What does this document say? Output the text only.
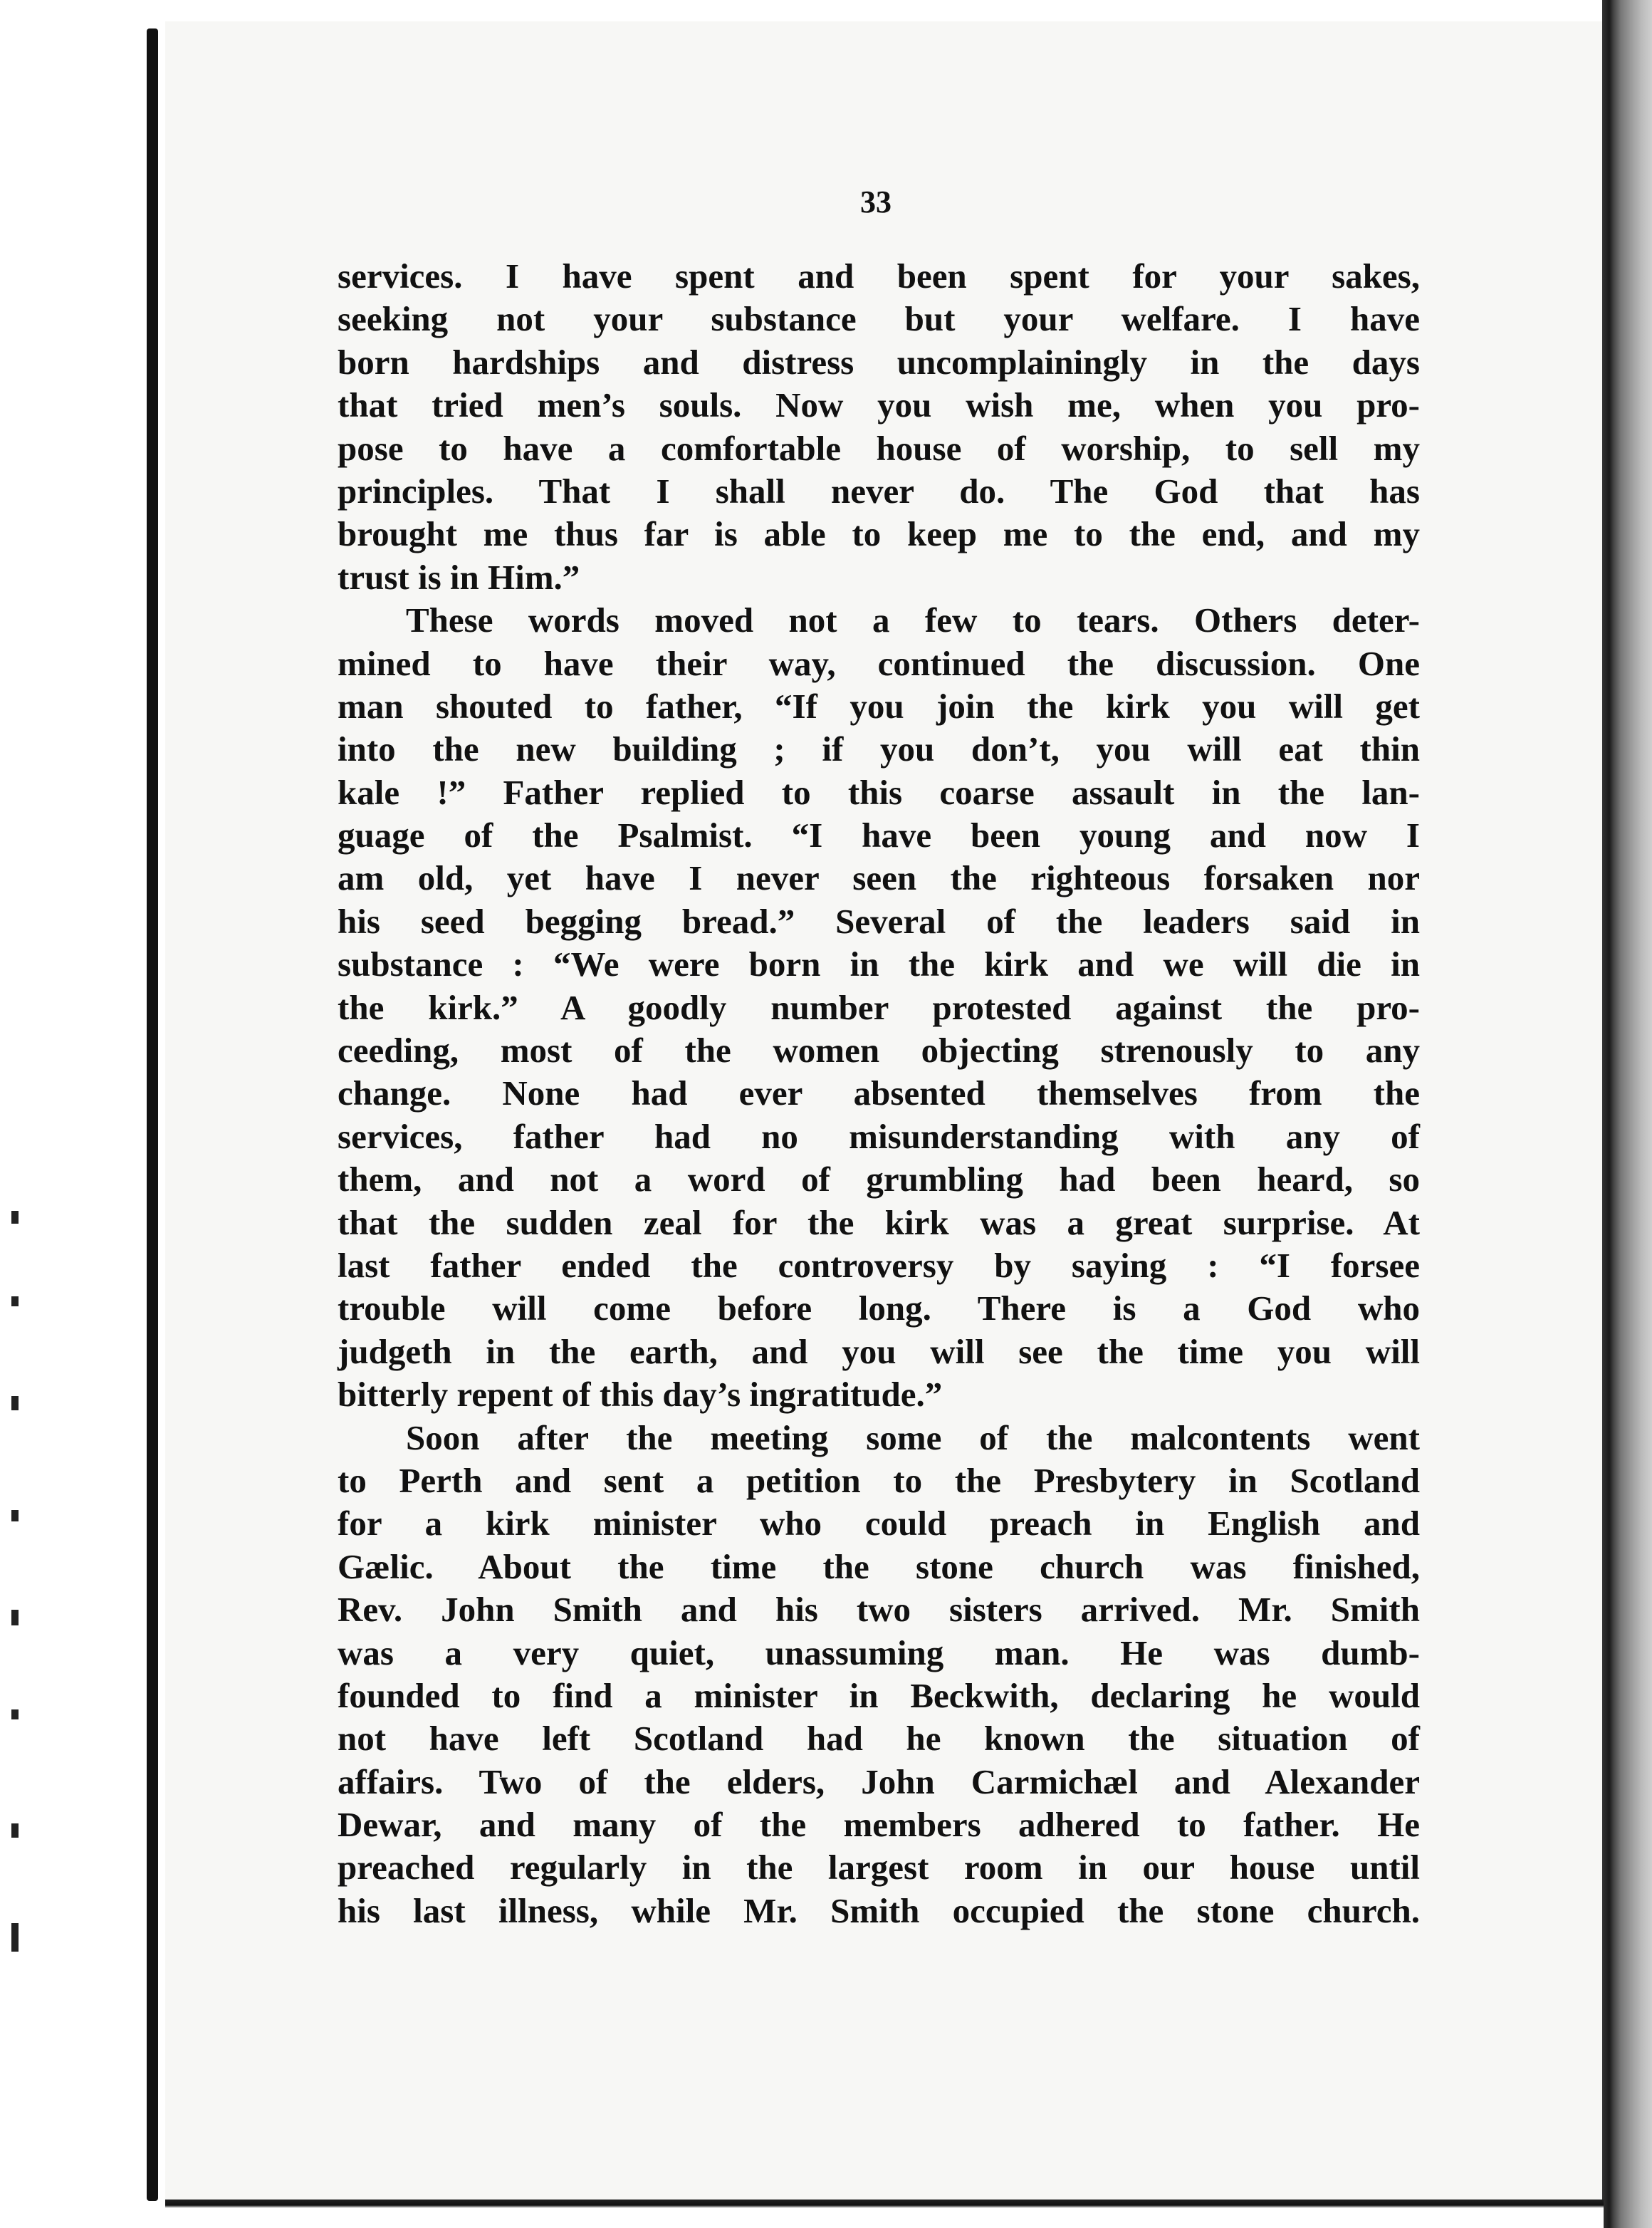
33
services. I have spent and been spent for your sakes,
seeking not your substance but your welfare. I have
born hardships and distress uncomplainingly in the days
that tried men’s souls. Now you wish me, when you pro-
pose to have a comfortable house of worship, to sell my
principles. That I shall never do. The God that has
brought me thus far is able to keep me to the end, and my
trust is in Him.”
These words moved not a few to tears. Others deter-
mined to have their way, continued the discussion. One
man shouted to father, “If you join the kirk you will get
into the new building ; if you don’t, you will eat thin
kale !” Father replied to this coarse assault in the lan-
guage of the Psalmist. “I have been young and now I
am old, yet have I never seen the righteous forsaken nor
his seed begging bread.” Several of the leaders said in
substance : “We were born in the kirk and we will die in
the kirk.” A goodly number protested against the pro-
ceeding, most of the women objecting strenously to any
change. None had ever absented themselves from the
services, father had no misunderstanding with any of
them, and not a word of grumbling had been heard, so
that the sudden zeal for the kirk was a great surprise. At
last father ended the controversy by saying : “I forsee
trouble will come before long. There is a God who
judgeth in the earth, and you will see the time you will
bitterly repent of this day’s ingratitude.”
Soon after the meeting some of the malcontents went
to Perth and sent a petition to the Presbytery in Scotland
for a kirk minister who could preach in English and
Gælic. About the time the stone church was finished,
Rev. John Smith and his two sisters arrived. Mr. Smith
was a very quiet, unassuming man. He was dumb-
founded to find a minister in Beckwith, declaring he would
not have left Scotland had he known the situation of
affairs. Two of the elders, John Carmichæl and Alexander
Dewar, and many of the members adhered to father. He
preached regularly in the largest room in our house until
his last illness, while Mr. Smith occupied the stone church.
